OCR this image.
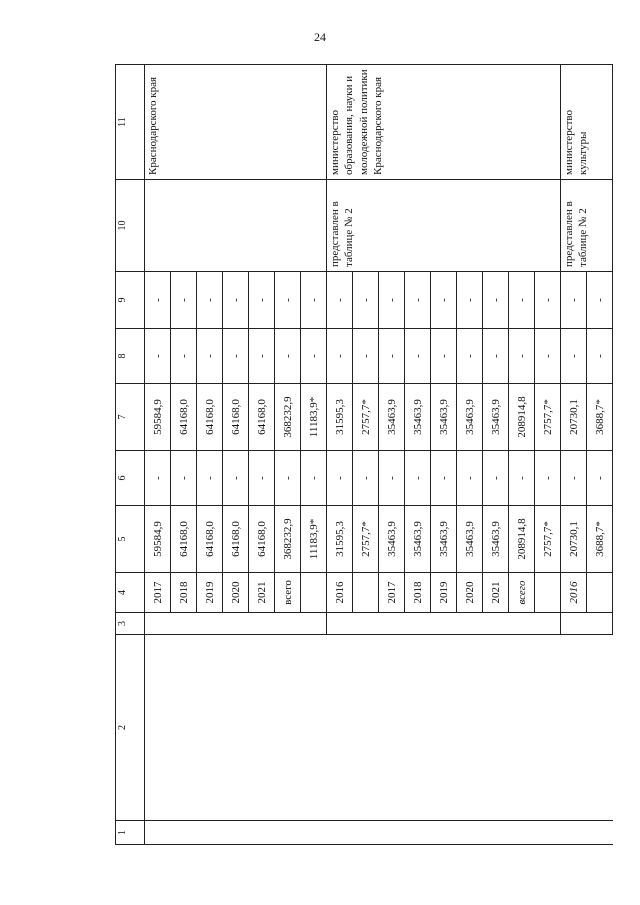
24
1	2	3	4	5	6	7	8	9	10	11
			2017	59584,9	-	59584,9	-	-		Краснодарского края
			2018	64168,0	-	64168,0	-	-		
			2019	64168,0	-	64168,0	-	-		
			2020	64168,0	-	64168,0	-	-		
			2021	64168,0	-	64168,0	-	-		
			всего	368232,9	-	368232,9	-	-		
				11183,9*	-	11183,9*	-	-		
			2016	31595,3	-	31595,3	-	-	представлен в таблице № 2	министерство образования, науки и молодежной политики Краснодарского края
				2757,7*	-	2757,7*	-	-		
			2017	35463,9	-	35463,9	-	-		
			2018	35463,9	-	35463,9	-	-		
			2019	35463,9	-	35463,9	-	-		
			2020	35463,9	-	35463,9	-	-		
			2021	35463,9	-	35463,9	-	-		
			всего	208914,8	-	208914,8	-	-		
				2757,7*	-	2757,7*	-	-		
			2016	20730,1	-	20730,1	-	-	представлен в таблице № 2	министерство культуры
				3688,7*	-	3688,7*	-	-		
